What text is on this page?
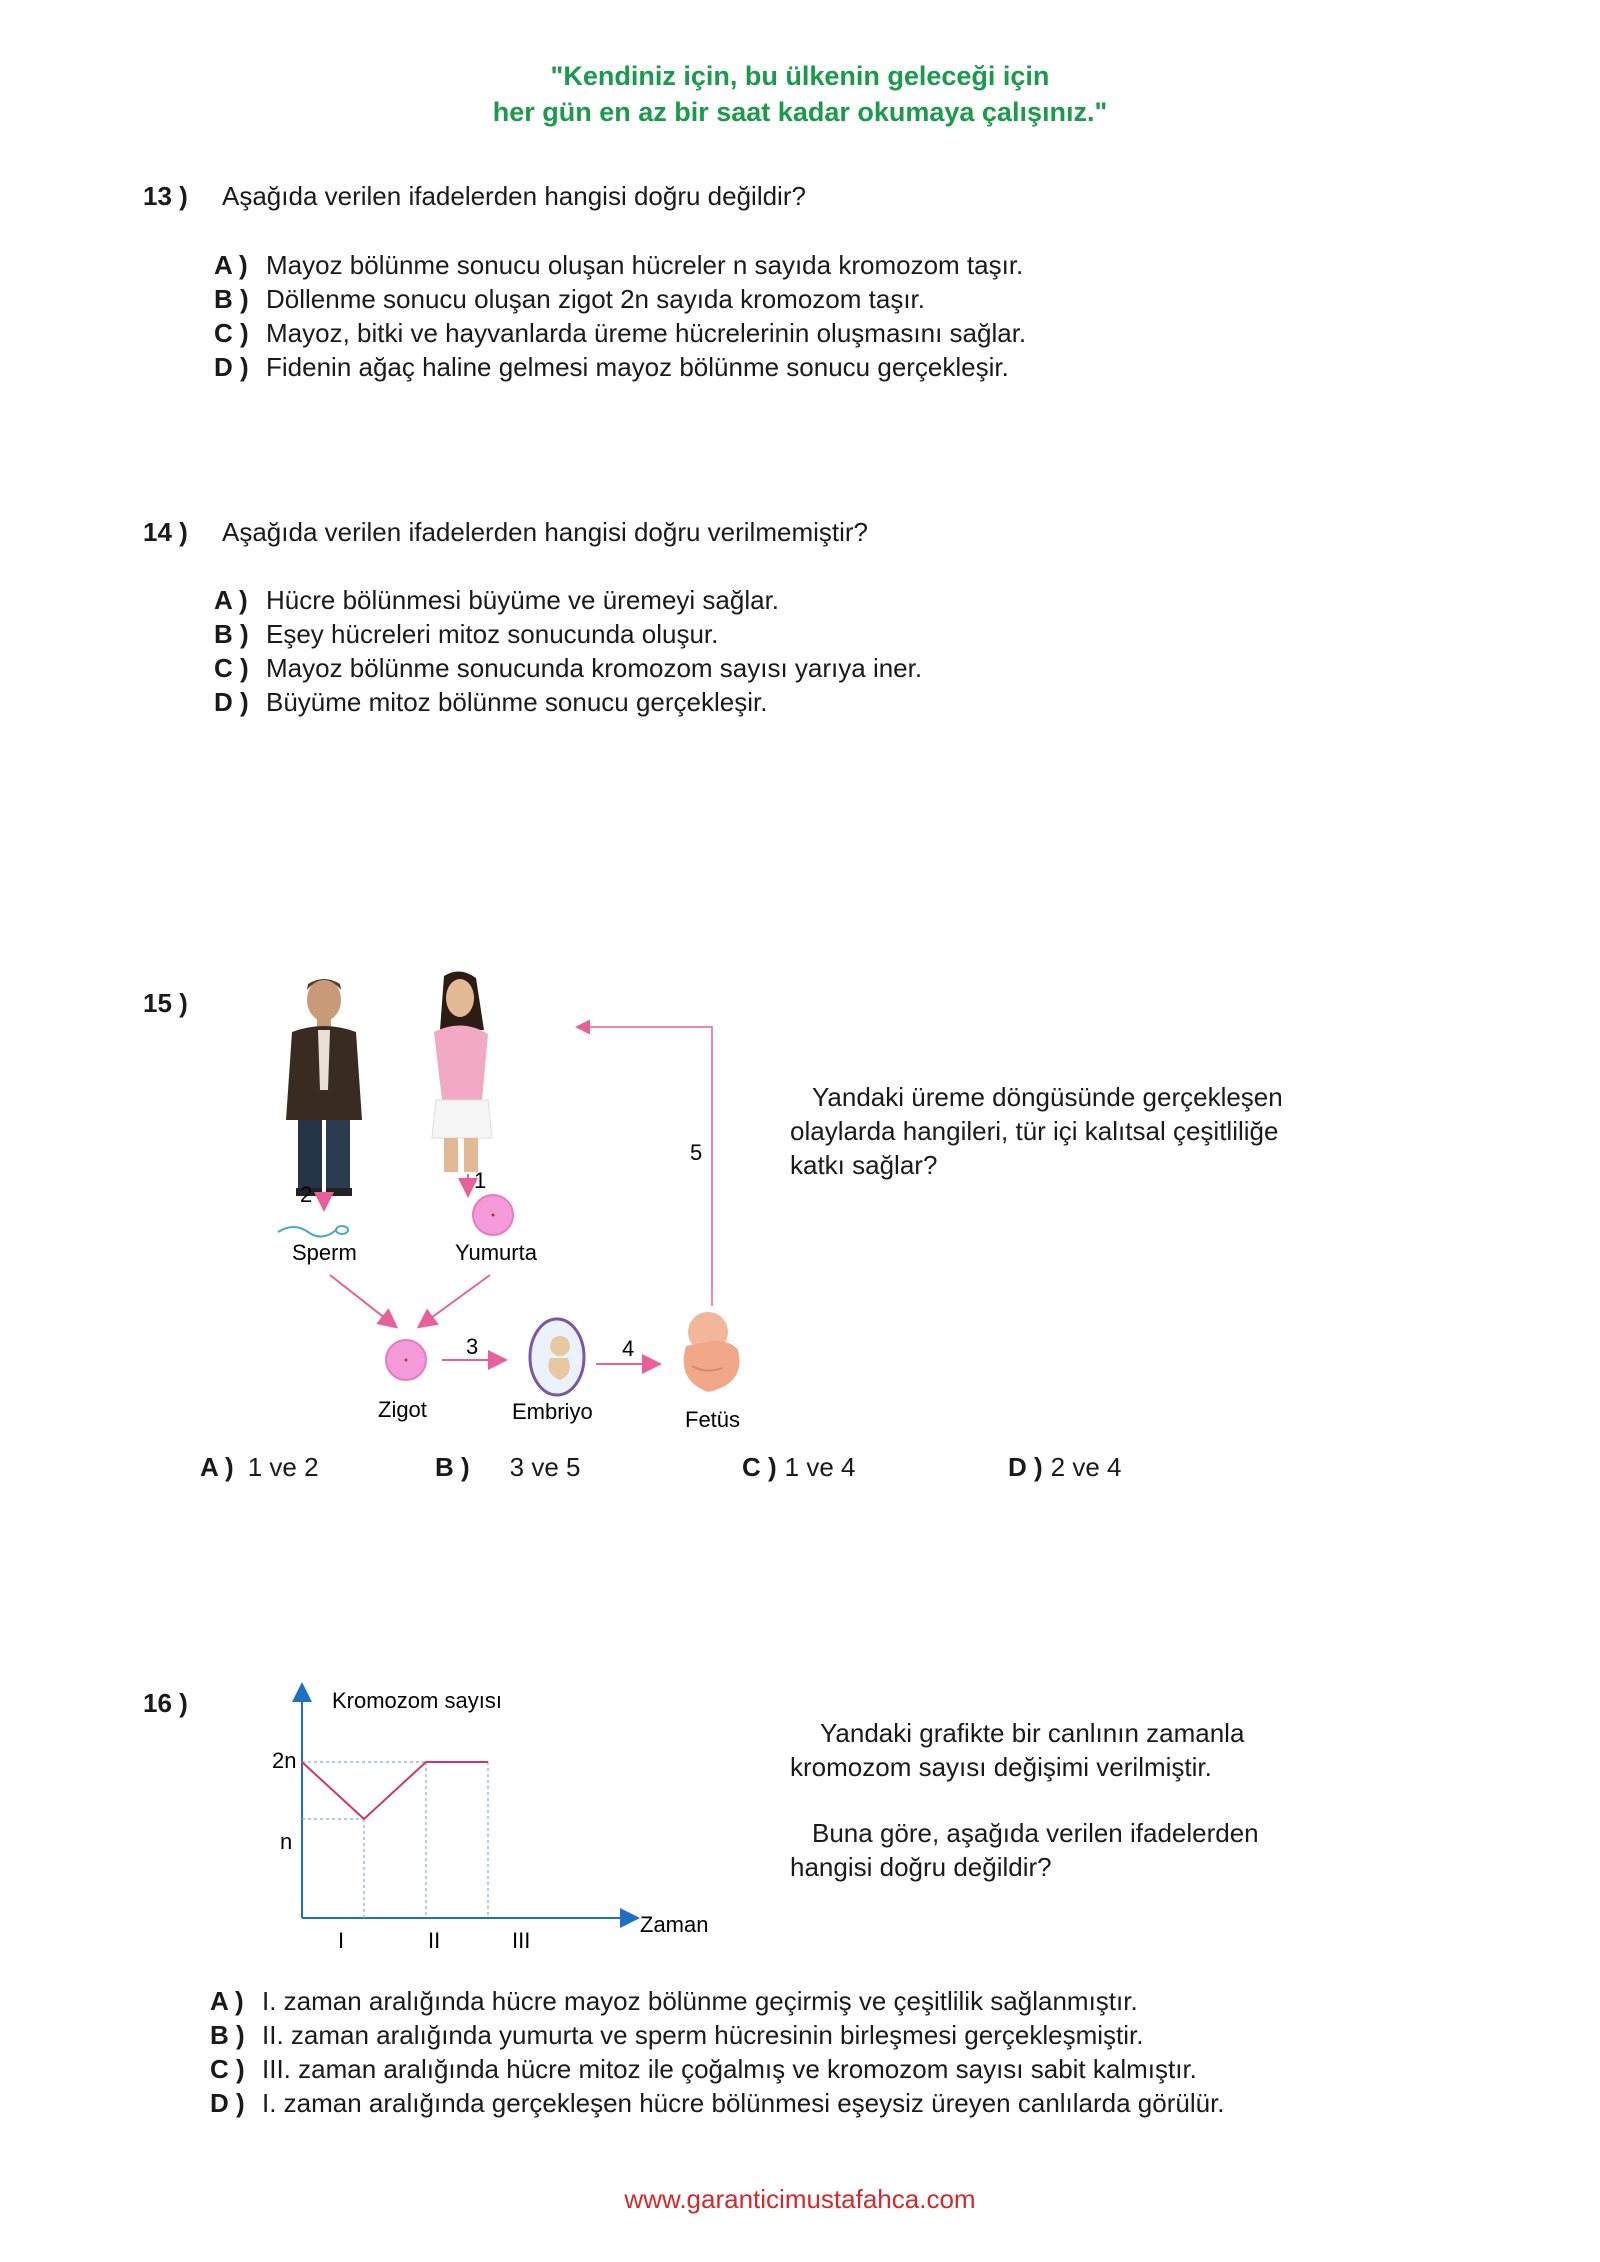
"Kendiniz için, bu ülkenin geleceği için
her gün en az bir saat kadar okumaya çalışınız."
13 ) Aşağıda verilen ifadelerden hangisi doğru değildir?
A ) Mayoz bölünme sonucu oluşan hücreler n sayıda kromozom taşır.
B ) Döllenme sonucu oluşan zigot 2n sayıda kromozom taşır.
C ) Mayoz, bitki ve hayvanlarda üreme hücrelerinin oluşmasını sağlar.
D ) Fidenin ağaç haline gelmesi mayoz bölünme sonucu gerçekleşir.
14 ) Aşağıda verilen ifadelerden hangisi doğru verilmemiştir?
A ) Hücre bölünmesi büyüme ve üremeyi sağlar.
B ) Eşey hücreleri mitoz sonucunda oluşur.
C ) Mayoz bölünme sonucunda kromozom sayısı yarıya iner.
D ) Büyüme mitoz bölünme sonucu gerçekleşir.
15 )
2
1
Sperm	Yumurta
Zigot
3
Embriyo
4
Fetüs
5
Yandaki üreme döngüsünde gerçekleşen
olaylarda hangileri, tür içi kalıtsal çeşitliliğe
katkı sağlar?
A ) 1 ve 2	B ) 3 ve 5	C ) 1 ve 4	D ) 2 ve 4
16 )	Kromozom sayısı
Zaman
2n
n
I	II	III
Yandaki grafikte bir canlının zamanla
kromozom sayısı değişimi verilmiştir.
Buna göre, aşağıda verilen ifadelerden
hangisi doğru değildir?
A ) I. zaman aralığında hücre mayoz bölünme geçirmiş ve çeşitlilik sağlanmıştır.
B ) II. zaman aralığında yumurta ve sperm hücresinin birleşmesi gerçekleşmiştir.
C ) III. zaman aralığında hücre mitoz ile çoğalmış ve kromozom sayısı sabit kalmıştır.
D ) I. zaman aralığında gerçekleşen hücre bölünmesi eşeysiz üreyen canlılarda görülür.
www.garanticimustafahca.com
